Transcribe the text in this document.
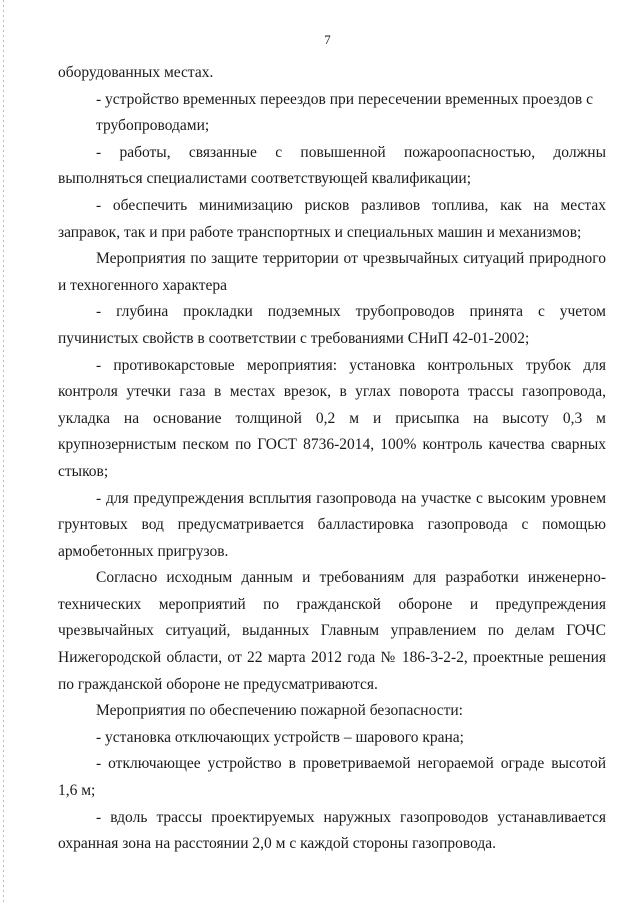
7

оборудованных местах.

- устройство временных переездов при пересечении временных проездов с трубопроводами;

- работы, связанные с повышенной пожароопасностью, должны выполняться специалистами соответствующей квалификации;

- обеспечить минимизацию рисков разливов топлива, как на местах заправок, так и при работе транспортных и специальных машин и механизмов;

Мероприятия по защите территории от чрезвычайных ситуаций природного и техногенного характера

- глубина прокладки подземных трубопроводов принята с учетом пучинистых свойств в соответствии с требованиями СНиП 42-01-2002;

- противокарстовые мероприятия: установка контрольных трубок для контроля утечки газа в местах врезок, в углах поворота трассы газопровода, укладка на основание толщиной 0,2 м и присыпка на высоту 0,3 м крупнозернистым песком по ГОСТ 8736-2014, 100% контроль качества сварных стыков;

- для предупреждения всплытия газопровода на участке с высоким уровнем грунтовых вод предусматривается балластировка газопровода с помощью армобетонных пригрузов.

Согласно исходным данным и требованиям для разработки инженерно-технических мероприятий по гражданской обороне и предупреждения чрезвычайных ситуаций, выданных Главным управлением по делам ГОЧС Нижегородской области, от 22 марта 2012 года № 186-3-2-2, проектные решения по гражданской обороне не предусматриваются.

Мероприятия по обеспечению пожарной безопасности:

- установка отключающих устройств – шарового крана;

- отключающее устройство в проветриваемой негораемой ограде высотой 1,6 м;

- вдоль трассы проектируемых наружных газопроводов устанавливается охранная зона на расстоянии 2,0 м с каждой стороны газопровода.
